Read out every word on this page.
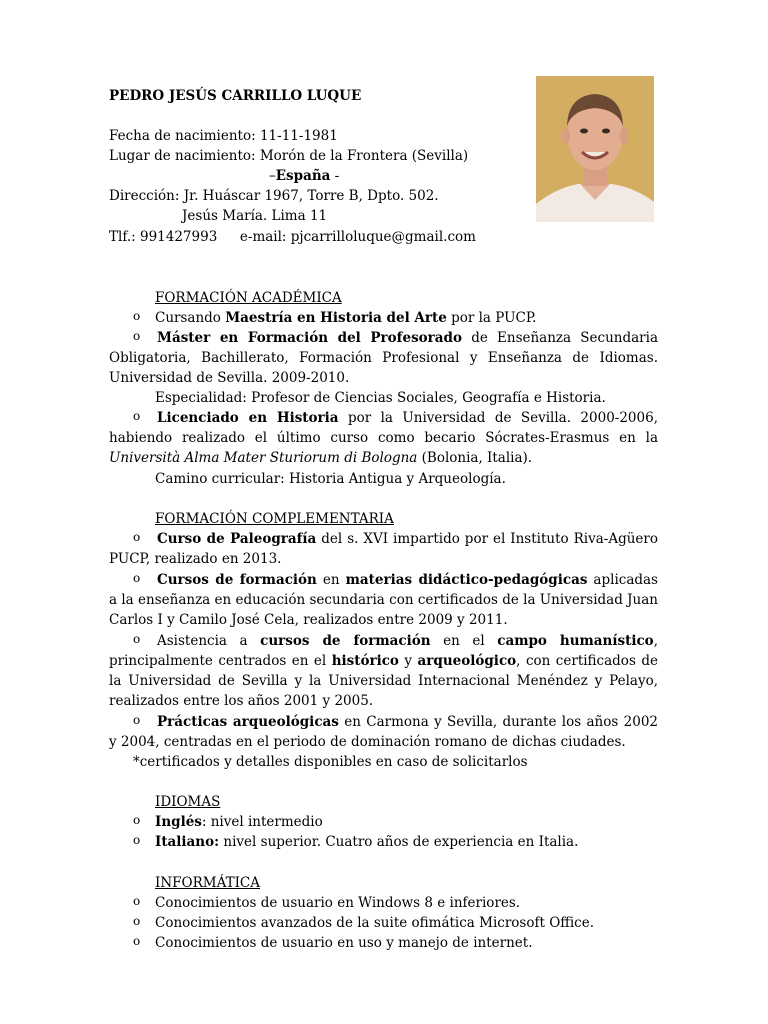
PEDRO JESÚS CARRILLO LUQUE
Fecha de nacimiento: 11-11-1981
Lugar de nacimiento: Morón de la Frontera (Sevilla)
–España -
Dirección: Jr. Huáscar 1967, Torre B, Dpto. 502.
Jesús María. Lima 11
Tlf.: 991427993 e-mail: pjcarrilloluque@gmail.com
FORMACIÓN ACADÉMICA
o Cursando Maestría en Historia del Arte por la PUCP.
o	Máster en Formación del Profesorado de Enseñanza Secundaria Obligatoria, Bachillerato, Formación Profesional y Enseñanza de Idiomas. Universidad de Sevilla. 2009-2010.
Especialidad: Profesor de Ciencias Sociales, Geografía e Historia.
o	Licenciado en Historia por la Universidad de Sevilla. 2000-2006, habiendo realizado el último curso como becario Sócrates-Erasmus en la Università Alma Mater Sturiorum di Bologna (Bolonia, Italia).
Camino curricular: Historia Antigua y Arqueología.
FORMACIÓN COMPLEMENTARIA
o	Curso de Paleografía del s. XVI impartido por el Instituto Riva-Agüero PUCP, realizado en 2013.
o	Cursos de formación en materias didáctico-pedagógicas aplicadas a la enseñanza en educación secundaria con certificados de la Universidad Juan Carlos I y Camilo José Cela, realizados entre 2009 y 2011.
o	Asistencia a cursos de formación en el campo humanístico, principalmente centrados en el histórico y arqueológico, con certificados de la Universidad de Sevilla y la Universidad Internacional Menéndez y Pelayo, realizados entre los años 2001 y 2005.
o	Prácticas arqueológicas en Carmona y Sevilla, durante los años 2002 y 2004, centradas en el periodo de dominación romano de dichas ciudades.
*certificados y detalles disponibles en caso de solicitarlos
IDIOMAS
o Inglés: nivel intermedio
o Italiano: nivel superior. Cuatro años de experiencia en Italia.
INFORMÁTICA
o Conocimientos de usuario en Windows 8 e inferiores.
o Conocimientos avanzados de la suite ofimática Microsoft Office.
o Conocimientos de usuario en uso y manejo de internet.
